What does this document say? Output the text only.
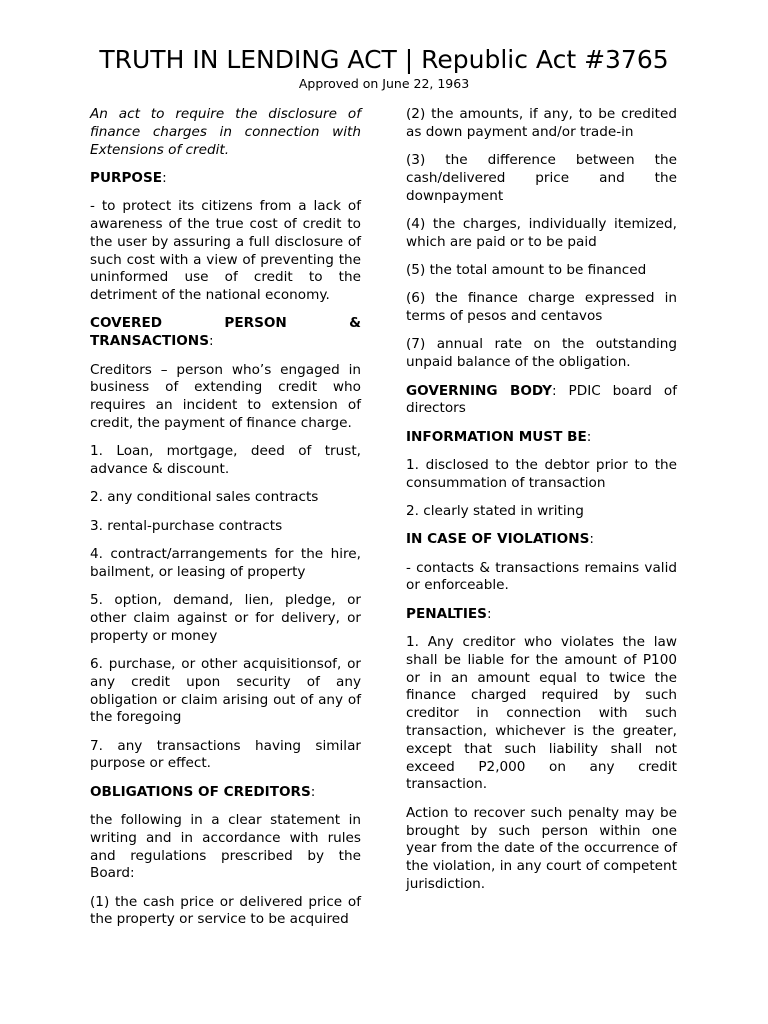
TRUTH IN LENDING ACT | Republic Act #3765
Approved on June 22, 1963

An act to require the disclosure of finance charges in connection with Extensions of credit.

PURPOSE:

- to protect its citizens from a lack of awareness of the true cost of credit to the user by assuring a full disclosure of such cost with a view of preventing the uninformed use of credit to the detriment of the national economy.

COVERED PERSON & TRANSACTIONS:

Creditors – person who’s engaged in business of extending credit who requires an incident to extension of credit, the payment of finance charge.

1. Loan, mortgage, deed of trust, advance & discount.

2. any conditional sales contracts

3. rental-purchase contracts

4. contract/arrangements for the hire, bailment, or leasing of property

5. option, demand, lien, pledge, or other claim against or for delivery, or property or money

6. purchase, or other acquisitionsof, or any credit upon security of any obligation or claim arising out of any of the foregoing

7. any transactions having similar purpose or effect.

OBLIGATIONS OF CREDITORS:

the following in a clear statement in writing and in accordance with rules and regulations prescribed by the Board:

(1) the cash price or delivered price of the property or service to be acquired

(2) the amounts, if any, to be credited as down payment and/or trade-in

(3) the difference between the cash/delivered price and the downpayment

(4) the charges, individually itemized, which are paid or to be paid

(5) the total amount to be financed

(6) the finance charge expressed in terms of pesos and centavos

(7) annual rate on the outstanding unpaid balance of the obligation.

GOVERNING BODY: PDIC board of directors

INFORMATION MUST BE:

1. disclosed to the debtor prior to the consummation of transaction

2. clearly stated in writing

IN CASE OF VIOLATIONS:

- contacts & transactions remains valid or enforceable.

PENALTIES:

1. Any creditor who violates the law shall be liable for the amount of P100 or in an amount equal to twice the finance charged required by such creditor in connection with such transaction, whichever is the greater, except that such liability shall not exceed P2,000 on any credit transaction.

Action to recover such penalty may be brought by such person within one year from the date of the occurrence of the violation, in any court of competent jurisdiction.
